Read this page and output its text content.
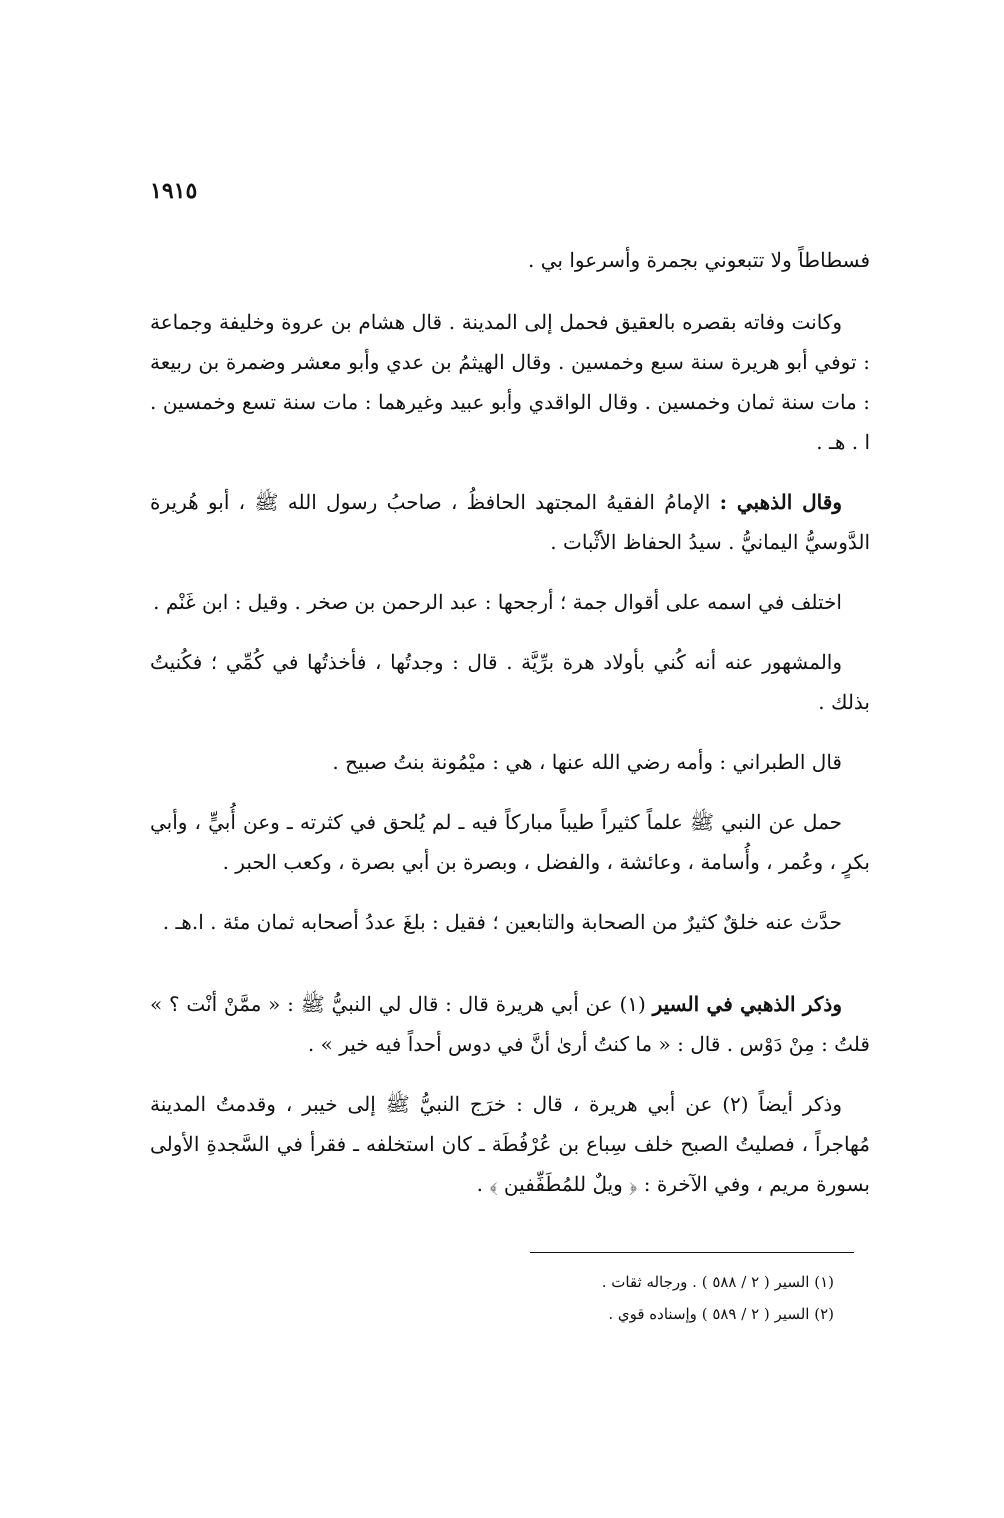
١٩١٥

فسطاطاً ولا تتبعوني بجمرة وأسرعوا بي .

وكانت وفاته بقصره بالعقيق فحمل إلى المدينة . قال هشام بن عروة وخليفة وجماعة : توفي أبو هريرة سنة سبع وخمسين . وقال الهيثمُ بن عدي وأبو معشر وضمرة بن ربيعة : مات سنة ثمان وخمسين . وقال الواقدي وأبو عبيد وغيرهما : مات سنة تسع وخمسين . ا . هـ .

وقال الذهبي : الإمامُ الفقيهُ المجتهد الحافظُ ، صاحبُ رسول الله ﷺ ، أبو هُريرة الدَّوسيُّ اليمانيُّ . سيدُ الحفاظ الأثْبات .

اختلف في اسمه على أقوال جمة ؛ أرجحها : عبد الرحمن بن صخر . وقيل : ابن غَنْم .

والمشهور عنه أنه كُني بأولاد هرة برِّيَّة . قال : وجدتُها ، فأخذتُها في كُمِّي ؛ فكُنيتُ بذلك .

قال الطبراني : وأمه رضي الله عنها ، هي : ميْمُونة بنتُ صبيح .

حمل عن النبي ﷺ علماً كثيراً طيباً مباركاً فيه ـ لم يُلحق في كثرته ـ وعن أُبيٍّ ، وأبي بكرٍ ، وعُمر ، وأُسامة ، وعائشة ، والفضل ، وبصرة بن أبي بصرة ، وكعب الحبر .

حدَّث عنه خلقٌ كثيرٌ من الصحابة والتابعين ؛ فقيل : بلغَ عددُ أصحابه ثمان مئة . ا.هـ .

وذكر الذهبي في السير (١) عن أبي هريرة قال : قال لي النبيُّ ﷺ : « ممَّنْ أنْت ؟ » قلتُ : مِنْ دَوْس . قال : « ما كنتُ أرىٰ أنَّ في دوس أحداً فيه خير » .

وذكر أيضاً (٢) عن أبي هريرة ، قال : خرَج النبيُّ ﷺ إلى خيبر ، وقدمتُ المدينة مُهاجراً ، فصليتُ الصبح خلف سِباع بن عُرْفُطَة ـ كان استخلفه ـ فقرأ في السَّجدةِ الأولى بسورة مريم ، وفي الآخرة : ﴿ ويلٌ للمُطَفِّفين ﴾ .

(١) السير ( ٢ / ٥٨٨ ) . ورجاله ثقات .

(٢) السير ( ٢ / ٥٨٩ ) وإسناده قوي .
